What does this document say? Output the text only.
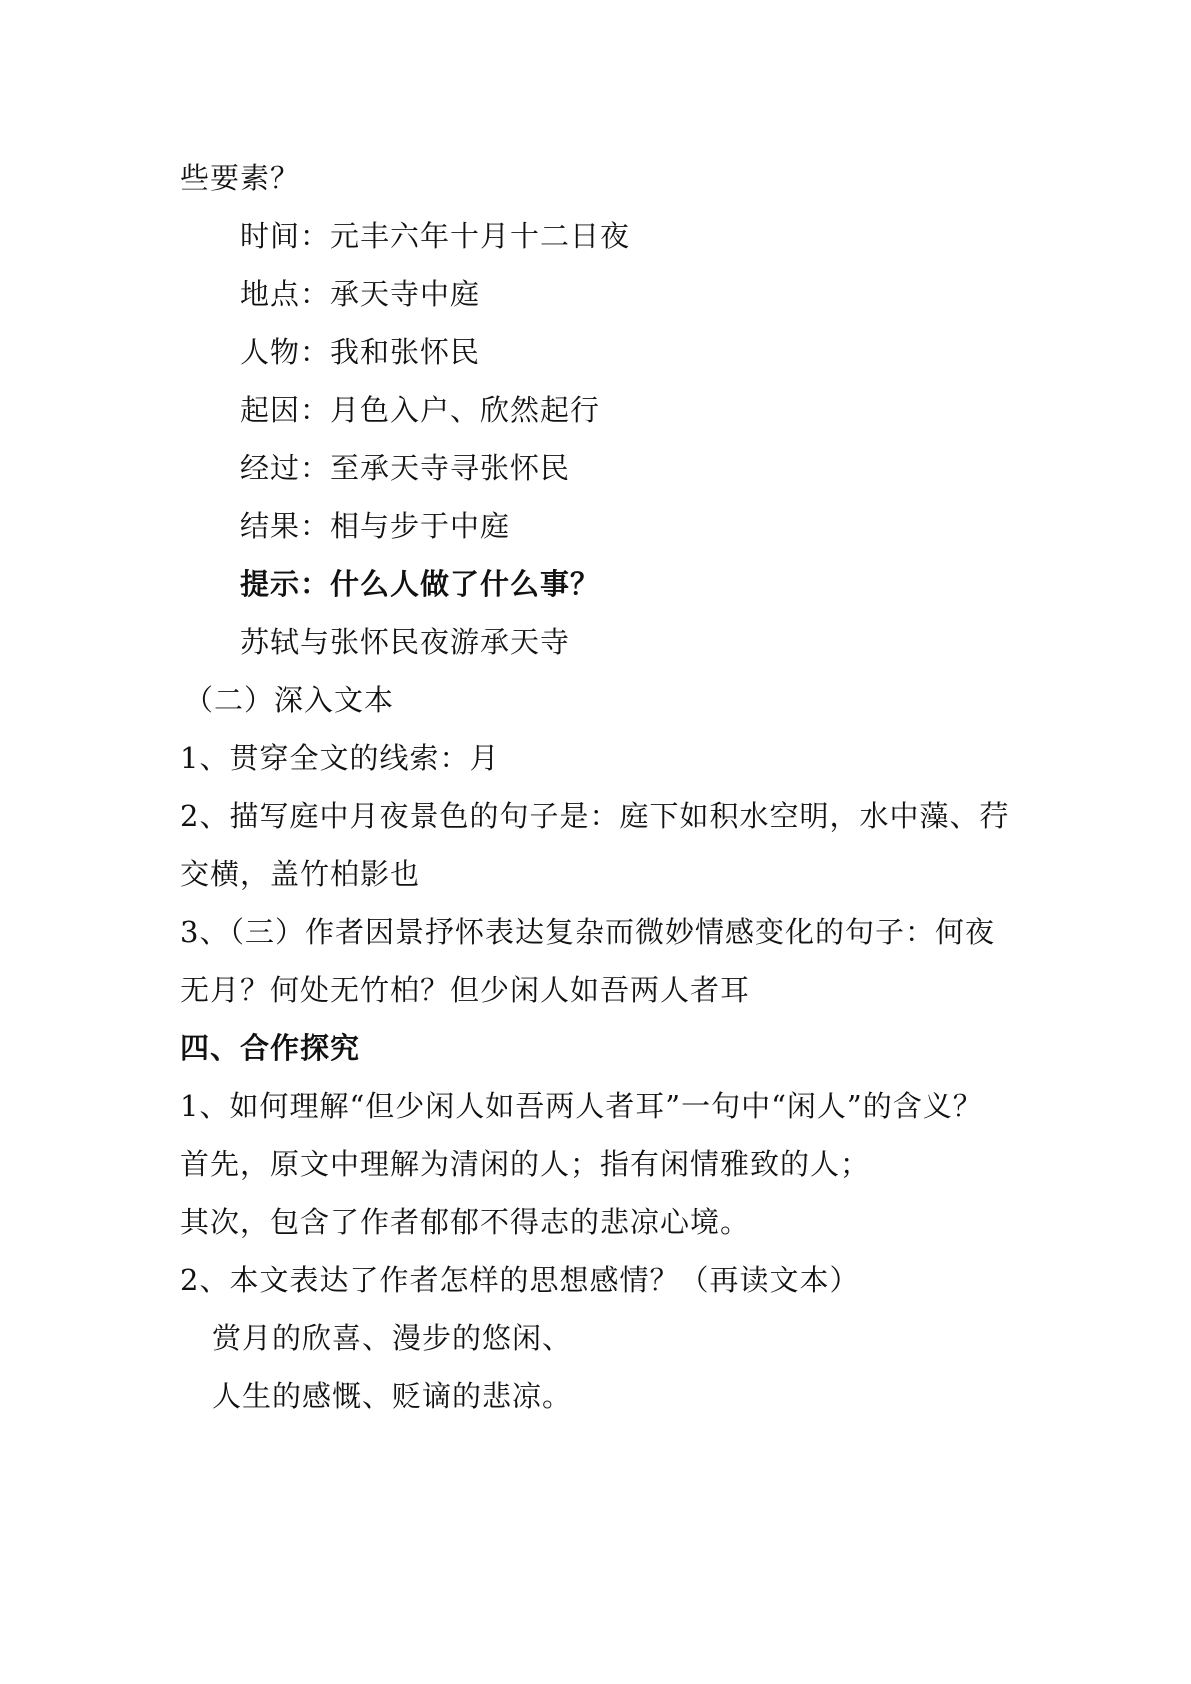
些要素？
时间：元丰六年十月十二日夜
地点：承天寺中庭
人物：我和张怀民
起因：月色入户、欣然起行
经过：至承天寺寻张怀民
结果：相与步于中庭
提示：什么人做了什么事？
苏轼与张怀民夜游承天寺
（二）深入文本
1、贯穿全文的线索：月
2、描写庭中月夜景色的句子是：庭下如积水空明，水中藻、荇
交横，盖竹柏影也
3、（三）作者因景抒怀表达复杂而微妙情感变化的句子：何夜
无月？何处无竹柏？但少闲人如吾两人者耳
四、合作探究
1、如何理解“但少闲人如吾两人者耳”一句中“闲人”的含义？
首先，原文中理解为清闲的人；指有闲情雅致的人；
其次，包含了作者郁郁不得志的悲凉心境。
2、本文表达了作者怎样的思想感情？（再读文本）
赏月的欣喜、漫步的悠闲、
人生的感慨、贬谪的悲凉。
